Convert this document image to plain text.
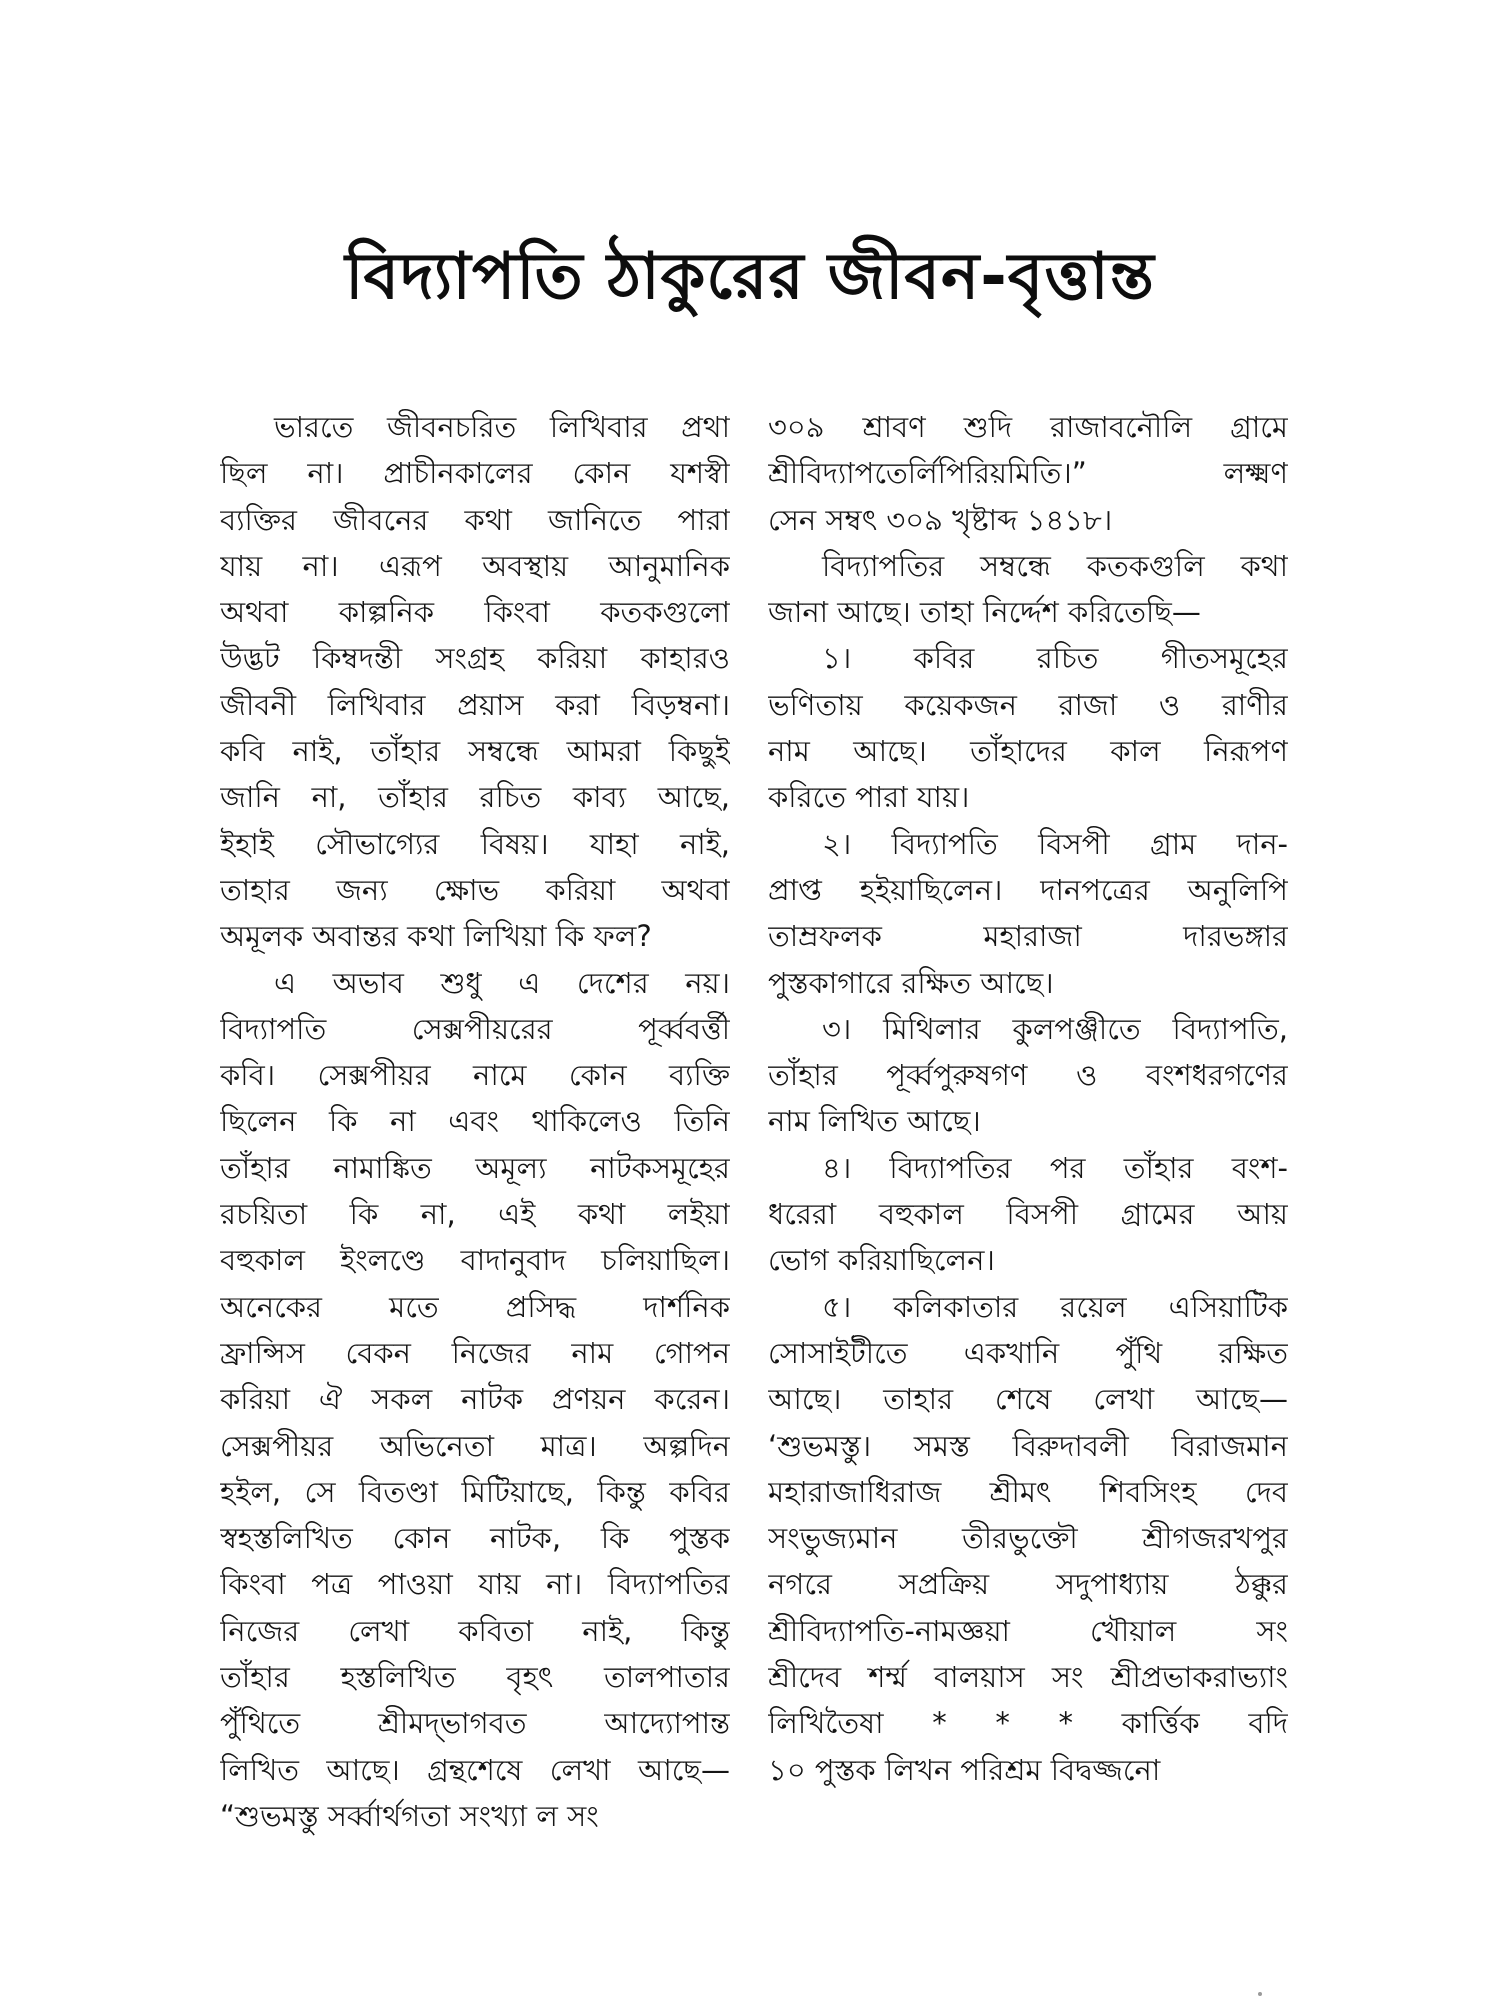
বিদ্যাপতি ঠাকুরের জীবন-বৃত্তান্ত

ভারতে জীবনচরিত লিখিবার প্রথা
ছিল না। প্রাচীনকালের কোন যশস্বী
ব্যক্তির জীবনের কথা জানিতে পারা
যায় না। এরূপ অবস্থায় আনুমানিক
অথবা কাল্পনিক কিংবা কতকগুলো
উদ্ভট কিম্বদন্তী সংগ্রহ করিয়া কাহারও
জীবনী লিখিবার প্রয়াস করা বিড়ম্বনা।
কবি নাই, তাঁহার সম্বন্ধে আমরা কিছুই
জানি না, তাঁহার রচিত কাব্য আছে,
ইহাই সৌভাগ্যের বিষয়। যাহা নাই,
তাহার জন্য ক্ষোভ করিয়া অথবা
অমূলক অবান্তর কথা লিখিয়া কি ফল?

এ অভাব শুধু এ দেশের নয়।
বিদ্যাপতি সেক্সপীয়রের পূর্ব্ববর্ত্তী
কবি। সেক্সপীয়র নামে কোন ব্যক্তি
ছিলেন কি না এবং থাকিলেও তিনি
তাঁহার নামাঙ্কিত অমূল্য নাটকসমূহের
রচয়িতা কি না, এই কথা লইয়া
বহুকাল ইংলণ্ডে বাদানুবাদ চলিয়াছিল।
অনেকের মতে প্রসিদ্ধ দার্শনিক
ফ্রান্সিস বেকন নিজের নাম গোপন
করিয়া ঐ সকল নাটক প্রণয়ন করেন।
সেক্সপীয়র অভিনেতা মাত্র। অল্পদিন
হইল, সে বিতণ্ডা মিটিয়াছে, কিন্তু কবির
স্বহস্তলিখিত কোন নাটক, কি পুস্তক
কিংবা পত্র পাওয়া যায় না। বিদ্যাপতির
নিজের লেখা কবিতা নাই, কিন্তু
তাঁহার হস্তলিখিত বৃহৎ তালপাতার
পুঁথিতে শ্রীমদ্‌ভাগবত আদ্যোপান্ত
লিখিত আছে। গ্রন্থশেষে লেখা আছে—
“শুভমস্তু সর্ব্বার্থগতা সংখ্যা ল সং

৩০৯ শ্রাবণ শুদি রাজাবনৌলি গ্রামে
শ্রীবিদ্যাপতের্লিপিরিয়মিতি।” লক্ষ্মণ
সেন সম্বৎ ৩০৯ খৃষ্টাব্দ ১৪১৮।

বিদ্যাপতির সম্বন্ধে কতকগুলি কথা
জানা আছে। তাহা নির্দ্দেশ করিতেছি—

১। কবির রচিত গীতসমূহের
ভণিতায় কয়েকজন রাজা ও রাণীর
নাম আছে। তাঁহাদের কাল নিরূপণ
করিতে পারা যায়।

২। বিদ্যাপতি বিসপী গ্রাম দান-
প্রাপ্ত হইয়াছিলেন। দানপত্রের অনুলিপি
তাম্রফলক মহারাজা দারভঙ্গার
পুস্তকাগারে রক্ষিত আছে।

৩। মিথিলার কুলপঞ্জীতে বিদ্যাপতি,
তাঁহার পূর্ব্বপুরুষগণ ও বংশধরগণের
নাম লিখিত আছে।

৪। বিদ্যাপতির পর তাঁহার বংশ-
ধরেরা বহুকাল বিসপী গ্রামের আয়
ভোগ করিয়াছিলেন।

৫। কলিকাতার রয়েল এসিয়াটিক
সোসাইটীতে একখানি পুঁথি রক্ষিত
আছে। তাহার শেষে লেখা আছে—
‘শুভমস্তু। সমস্ত বিরুদাবলী বিরাজমান
মহারাজাধিরাজ শ্রীমৎ শিবসিংহ দেব
সংভুজ্যমান তীরভুক্তৌ শ্রীগজরখপুর
নগরে সপ্রক্রিয় সদুপাধ্যায় ঠক্কুর
শ্রীবিদ্যাপতি-নামজ্ঞয়া খৌয়াল সং
শ্রীদেব শর্ম্ম বালয়াস সং শ্রীপ্রভাকরাভ্যাং
লিখিতৈষা * * * কার্ত্তিক বদি
১০ পুস্তক লিখন পরিশ্রম বিদ্বজ্জনো
